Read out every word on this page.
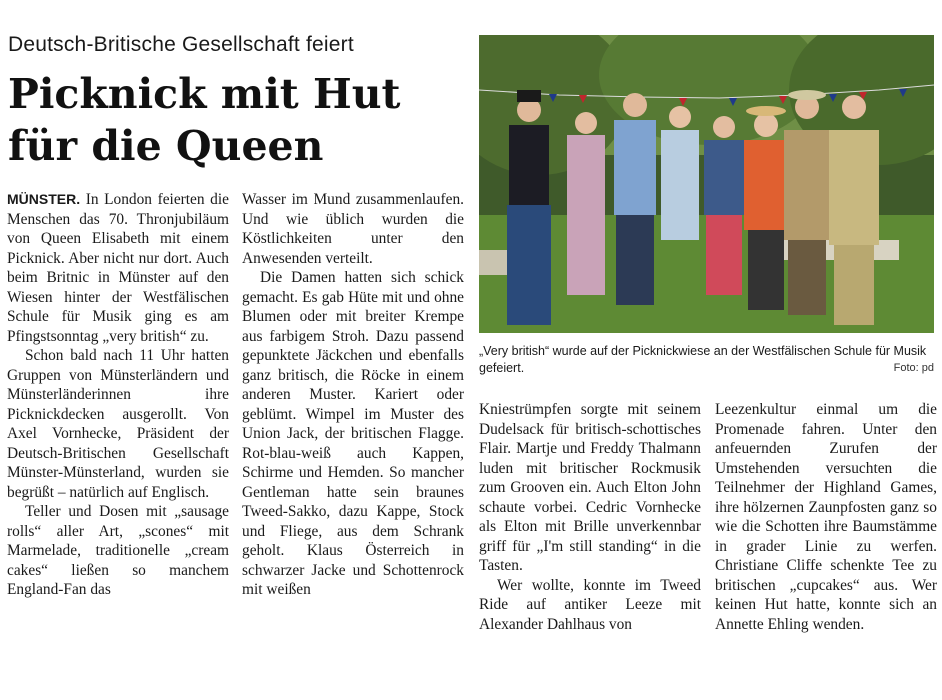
Deutsch-Britische Gesellschaft feiert
Picknick mit Hut
für die Queen

MÜNSTER. In London feierten die Menschen das 70. Thronjubiläum von Queen Elisabeth mit einem Picknick. Aber nicht nur dort. Auch beim Britnic in Münster auf den Wiesen hinter der Westfälischen Schule für Musik ging es am Pfingstsonntag „very british“ zu.

Schon bald nach 11 Uhr hatten Gruppen von Münsterländern und Münsterländerinnen ihre Picknickdecken ausgerollt. Von Axel Vornhecke, Präsident der Deutsch-Britischen Gesellschaft Münster-Münsterland, wurden sie begrüßt – natürlich auf Englisch.

Teller und Dosen mit „sausage rolls“ aller Art, „scones“ mit Marmelade, traditionelle „cream cakes“ ließen so manchem England-Fan das

Wasser im Mund zusammenlaufen. Und wie üblich wurden die Köstlichkeiten unter den Anwesenden verteilt.

Die Damen hatten sich schick gemacht. Es gab Hüte mit und ohne Blumen oder mit breiter Krempe aus farbigem Stroh. Dazu passend gepunktete Jäckchen und ebenfalls ganz britisch, die Röcke in einem anderen Muster. Kariert oder geblümt. Wimpel im Muster des Union Jack, der britischen Flagge. Rot-blau-weiß auch Kappen, Schirme und Hemden. So mancher Gentleman hatte sein braunes Tweed-Sakko, dazu Kappe, Stock und Fliege, aus dem Schrank geholt. Klaus Österreich in schwarzer Jacke und Schottenrock mit weißen

„Very british“ wurde auf der Picknickwiese an der Westfälischen Schule für Musik gefeiert.	Foto: pd

Kniestrümpfen sorgte mit seinem Dudelsack für britisch-schottisches Flair. Martje und Freddy Thalmann luden mit britischer Rockmusik zum Grooven ein. Auch Elton John schaute vorbei. Cedric Vornhecke als Elton mit Brille unverkennbar griff für „I'm still standing“ in die Tasten.

Wer wollte, konnte im Tweed Ride auf antiker Leeze mit Alexander Dahlhaus von

Leezenkultur einmal um die Promenade fahren. Unter den anfeuernden Zurufen der Umstehenden versuchten die Teilnehmer der Highland Games, ihre hölzernen Zaunpfosten ganz so wie die Schotten ihre Baumstämme in grader Linie zu werfen. Christiane Cliffe schenkte Tee zu britischen „cupcakes“ aus. Wer keinen Hut hatte, konnte sich an Annette Ehling wenden.
